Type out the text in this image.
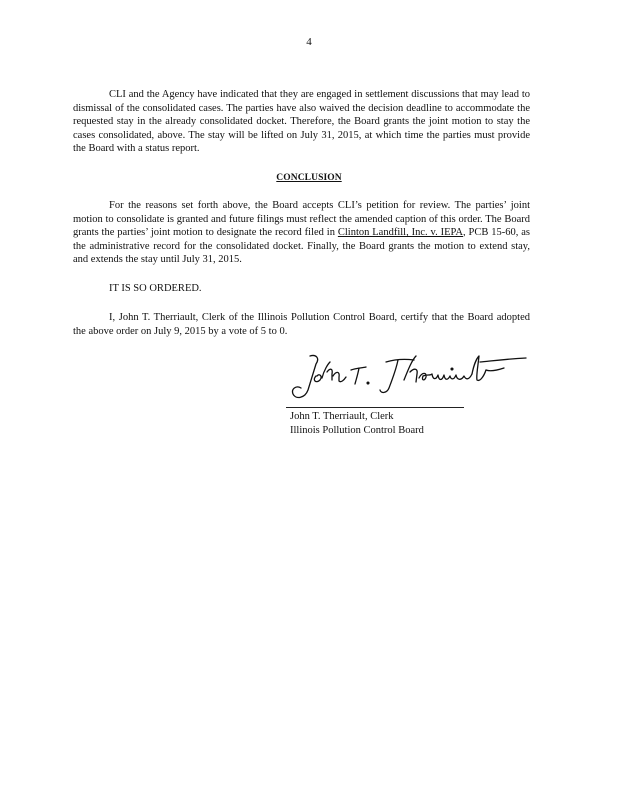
4

CLI and the Agency have indicated that they are engaged in settlement discussions that may lead to dismissal of the consolidated cases. The parties have also waived the decision deadline to accommodate the requested stay in the already consolidated docket. Therefore, the Board grants the joint motion to stay the cases consolidated, above. The stay will be lifted on July 31, 2015, at which time the parties must provide the Board with a status report.

CONCLUSION

For the reasons set forth above, the Board accepts CLI’s petition for review. The parties’ joint motion to consolidate is granted and future filings must reflect the amended caption of this order. The Board grants the parties’ joint motion to designate the record filed in Clinton Landfill, Inc. v. IEPA, PCB 15-60, as the administrative record for the consolidated docket. Finally, the Board grants the motion to extend stay, and extends the stay until July 31, 2015.

IT IS SO ORDERED.

I, John T. Therriault, Clerk of the Illinois Pollution Control Board, certify that the Board adopted the above order on July 9, 2015 by a vote of 5 to 0.

John T. Therriault, Clerk
Illinois Pollution Control Board
